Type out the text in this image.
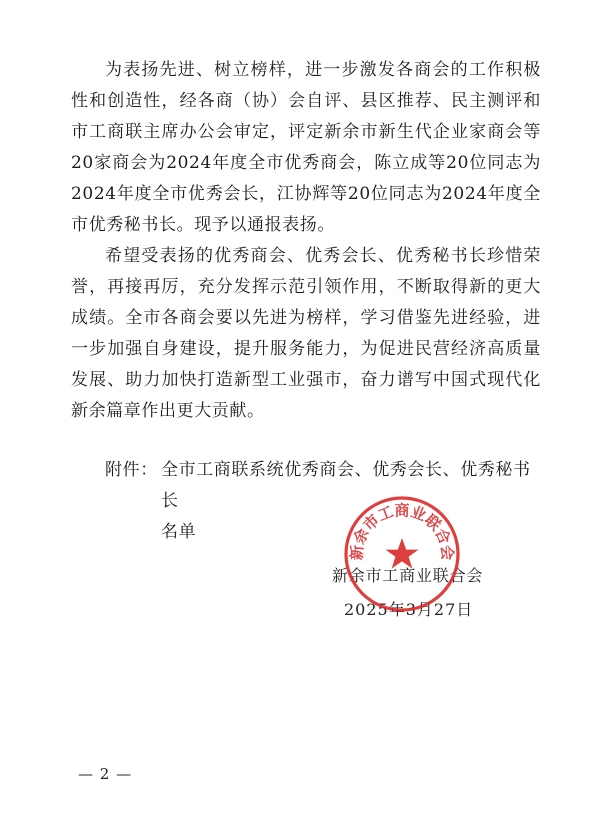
为表扬先进、树立榜样，进一步激发各商会的工作积极性和创造性，经各商（协）会自评、县区推荐、民主测评和市工商联主席办公会审定，评定新余市新生代企业家商会等20家商会为2024年度全市优秀商会，陈立成等20位同志为2024年度全市优秀会长，江协辉等20位同志为2024年度全市优秀秘书长。现予以通报表扬。

希望受表扬的优秀商会、优秀会长、优秀秘书长珍惜荣誉，再接再厉，充分发挥示范引领作用，不断取得新的更大成绩。全市各商会要以先进为榜样，学习借鉴先进经验，进一步加强自身建设，提升服务能力，为促进民营经济高质量发展、助力加快打造新型工业强市，奋力谱写中国式现代化新余篇章作出更大贡献。

附件： 全市工商联系统优秀商会、优秀会长、优秀秘书长
名单
新余市工商业联合会
2025年3月27日
新余市工商业联合会
— 2 —
